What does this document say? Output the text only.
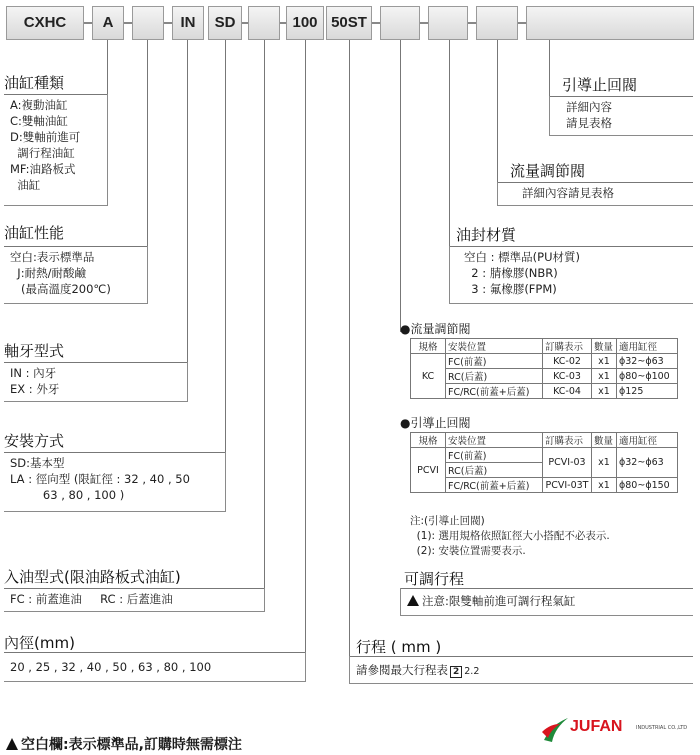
CXHC	A	IN	SD	100 50ST
油缸種類
A:複動油缸
C:雙軸油缸
D:雙軸前進可
調行程油缸
MF:油路板式
油缸
油缸性能
空白:表示標準品
J:耐熱/耐酸鹼
(最高溫度200℃)
軸牙型式
IN : 內牙
EX : 外牙
安裝方式
SD:基本型
LA : 徑向型 (限缸徑 : 32 , 40 , 50
63 , 80 , 100 )
入油型式(限油路板式油缸)
FC : 前蓋進油     RC : 后蓋進油
內徑(mm)
20 , 25 , 32 , 40 , 50 , 63 , 80 , 100
引導止回閥
詳細內容
請見表格
流量調節閥
詳細內容請見表格
油封材質
空白 : 標準品(PU材質)
2 : 腈橡膠(NBR)
3 : 氟橡膠(FPM)
●流量調節閥
規格	安裝位置	訂購表示	數量	適用缸徑
KC	FC(前蓋)	KC-02	x1	ϕ32~ϕ63
	RC(后蓋)	KC-03	x1	ϕ80~ϕ100
	FC/RC(前蓋+后蓋)	KC-04	x1	ϕ125
●引導止回閥
規格	安裝位置	訂購表示	數量	適用缸徑
PCVI	FC(前蓋)	PCVI-03	x1	ϕ32~ϕ63
	RC(后蓋)			
	FC/RC(前蓋+后蓋)	PCVI-03T	x1	ϕ80~ϕ150
注:(引導止回閥)
(1): 選用規格依照缸徑大小搭配不必表示.
(2): 安裝位置需要表示.
可調行程
注意:限雙軸前進可調行程氣缸
行程 ( mm )
請參閱最大行程表 2 2.2
空白欄:表示標準品,訂購時無需標注
JUFAN	INDUSTRIAL CO.,LTD
